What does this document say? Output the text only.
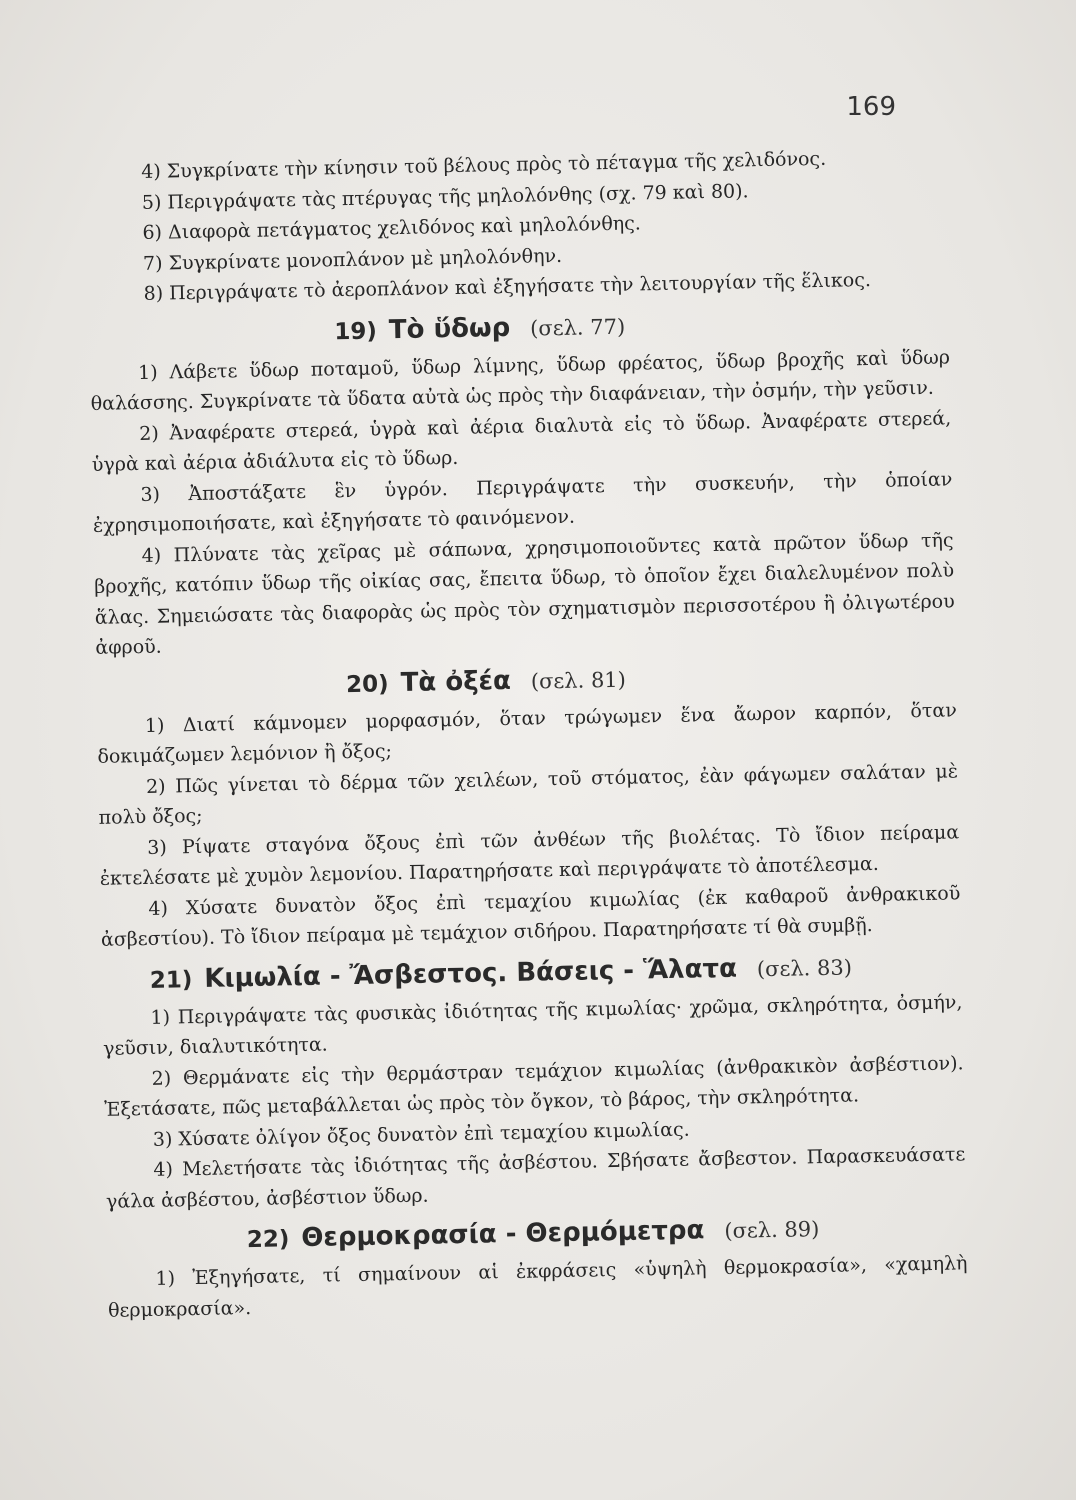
169

4) Συγκρίνατε τὴν κίνησιν τοῦ βέλους πρὸς τὸ πέταγμα τῆς χελιδόνος.

5) Περιγράψατε τὰς πτέρυγας τῆς μηλολόνθης (σχ. 79 καὶ 80).

6) Διαφορὰ πετάγματος χελιδόνος καὶ μηλολόνθης.

7) Συγκρίνατε μονοπλάνον μὲ μηλολόνθην.

8) Περιγράψατε τὸ ἀεροπλάνον καὶ ἐξηγήσατε τὴν λειτουργίαν τῆς ἕλικος.

19) Τὸ ὕδωρ (σελ. 77)

1) Λάβετε ὕδωρ ποταμοῦ, ὕδωρ λίμνης, ὕδωρ φρέατος, ὕδωρ βροχῆς καὶ ὕδωρ θαλάσσης. Συγκρίνατε τὰ ὕδατα αὐτὰ ὡς πρὸς τὴν διαφάνειαν, τὴν ὀσμήν, τὴν γεῦσιν.

2) Ἀναφέρατε στερεά, ὑγρὰ καὶ ἀέρια διαλυτὰ εἰς τὸ ὕδωρ. Ἀναφέρατε στερεά, ὑγρὰ καὶ ἀέρια ἀδιάλυτα εἰς τὸ ὕδωρ.

3) Ἀποστάξατε ἓν ὑγρόν. Περιγράψατε τὴν συσκευήν, τὴν ὁποίαν ἐχρησιμοποιήσατε, καὶ ἐξηγήσατε τὸ φαινόμενον.

4) Πλύνατε τὰς χεῖρας μὲ σάπωνα, χρησιμοποιοῦντες κατὰ πρῶτον ὕδωρ τῆς βροχῆς, κατόπιν ὕδωρ τῆς οἰκίας σας, ἔπειτα ὕδωρ, τὸ ὁποῖον ἔχει διαλελυμένον πολὺ ἅλας. Σημειώσατε τὰς διαφορὰς ὡς πρὸς τὸν σχηματισμὸν περισσοτέρου ἢ ὀλιγωτέρου ἀφροῦ.

20) Τὰ ὀξέα (σελ. 81)

1) Διατί κάμνομεν μορφασμόν, ὅταν τρώγωμεν ἕνα ἄωρον καρπόν, ὅταν δοκιμάζωμεν λεμόνιον ἢ ὄξος;

2) Πῶς γίνεται τὸ δέρμα τῶν χειλέων, τοῦ στόματος, ἐὰν φάγωμεν σαλάταν μὲ πολὺ ὄξος;

3) Ρίψατε σταγόνα ὄξους ἐπὶ τῶν ἀνθέων τῆς βιολέτας. Τὸ ἴδιον πείραμα ἐκτελέσατε μὲ χυμὸν λεμονίου. Παρατηρήσατε καὶ περιγράψατε τὸ ἀποτέλεσμα.

4) Χύσατε δυνατὸν ὄξος ἐπὶ τεμαχίου κιμωλίας (ἐκ καθαροῦ ἀνθρακικοῦ ἀσβεστίου). Τὸ ἴδιον πείραμα μὲ τεμάχιον σιδήρου. Παρατηρήσατε τί θὰ συμβῇ.

21) Κιμωλία - Ἄσβεστος. Βάσεις - Ἅλατα (σελ. 83)

1) Περιγράψατε τὰς φυσικὰς ἰδιότητας τῆς κιμωλίας· χρῶμα, σκληρότητα, ὀσμήν, γεῦσιν, διαλυτικότητα.

2) Θερμάνατε εἰς τὴν θερμάστραν τεμάχιον κιμωλίας (ἀνθρακικὸν ἀσβέστιον). Ἐξετάσατε, πῶς μεταβάλλεται ὡς πρὸς τὸν ὄγκον, τὸ βάρος, τὴν σκληρότητα.

3) Χύσατε ὀλίγον ὄξος δυνατὸν ἐπὶ τεμαχίου κιμωλίας.

4) Μελετήσατε τὰς ἰδιότητας τῆς ἀσβέστου. Σβήσατε ἄσβεστον. Παρασκευάσατε γάλα ἀσβέστου, ἀσβέστιον ὕδωρ.

22) Θερμοκρασία - Θερμόμετρα (σελ. 89)

1) Ἐξηγήσατε, τί σημαίνουν αἱ ἐκφράσεις «ὑψηλὴ θερμοκρασία», «χαμηλὴ θερμοκρασία».
